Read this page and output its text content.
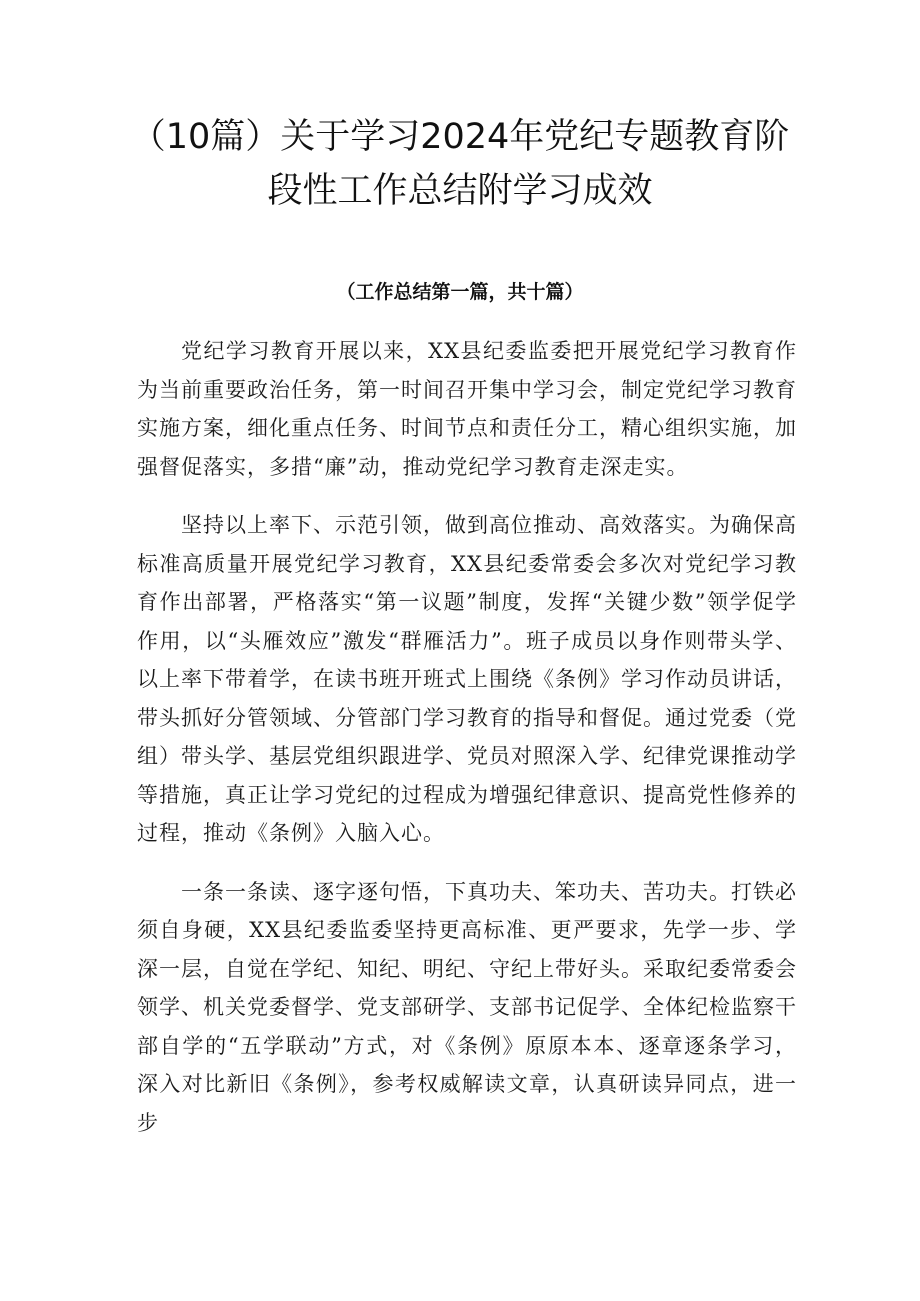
（10篇）关于学习2024年党纪专题教育阶
段性工作总结附学习成效

（工作总结第一篇，共十篇）

党纪学习教育开展以来，XX县纪委监委把开展党纪学习教育作为当前重要政治任务，第一时间召开集中学习会，制定党纪学习教育实施方案，细化重点任务、时间节点和责任分工，精心组织实施，加强督促落实，多措“廉”动，推动党纪学习教育走深走实。

坚持以上率下、示范引领，做到高位推动、高效落实。为确保高标准高质量开展党纪学习教育，XX县纪委常委会多次对党纪学习教育作出部署，严格落实“第一议题”制度，发挥“关键少数”领学促学作用，以“头雁效应”激发“群雁活力”。班子成员以身作则带头学、以上率下带着学，在读书班开班式上围绕《条例》学习作动员讲话，带头抓好分管领域、分管部门学习教育的指导和督促。通过党委（党组）带头学、基层党组织跟进学、党员对照深入学、纪律党课推动学等措施，真正让学习党纪的过程成为增强纪律意识、提高党性修养的过程，推动《条例》入脑入心。

一条一条读、逐字逐句悟，下真功夫、笨功夫、苦功夫。打铁必须自身硬，XX县纪委监委坚持更高标准、更严要求，先学一步、学深一层，自觉在学纪、知纪、明纪、守纪上带好头。采取纪委常委会领学、机关党委督学、党支部研学、支部书记促学、全体纪检监察干部自学的“五学联动”方式，对《条例》原原本本、逐章逐条学习，深入对比新旧《条例》，参考权威解读文章，认真研读异同点，进一步
